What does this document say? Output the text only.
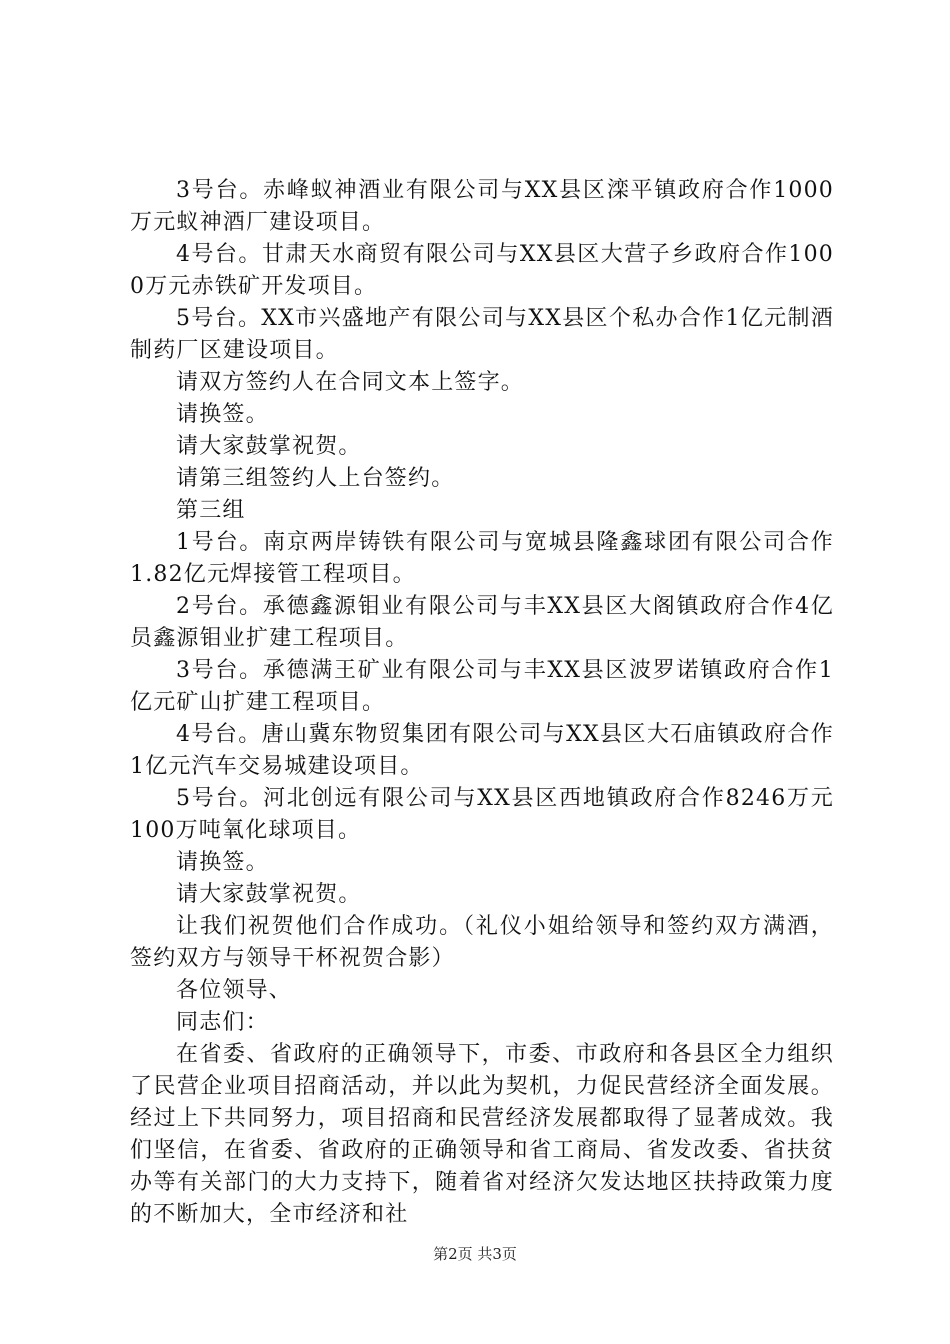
3号台。赤峰蚁神酒业有限公司与XX县区滦平镇政府合作1000万元蚁神酒厂建设项目。

4号台。甘肃天水商贸有限公司与XX县区大营子乡政府合作1000万元赤铁矿开发项目。

5号台。XX市兴盛地产有限公司与XX县区个私办合作1亿元制酒制药厂区建设项目。

请双方签约人在合同文本上签字。

请换签。

请大家鼓掌祝贺。

请第三组签约人上台签约。

第三组

1号台。南京两岸铸铁有限公司与宽城县隆鑫球团有限公司合作1.82亿元焊接管工程项目。

2号台。承德鑫源钼业有限公司与丰XX县区大阁镇政府合作4亿员鑫源钼业扩建工程项目。

3号台。承德满王矿业有限公司与丰XX县区波罗诺镇政府合作1亿元矿山扩建工程项目。

4号台。唐山冀东物贸集团有限公司与XX县区大石庙镇政府合作1亿元汽车交易城建设项目。

5号台。河北创远有限公司与XX县区西地镇政府合作8246万元100万吨氧化球项目。

请换签。

请大家鼓掌祝贺。

让我们祝贺他们合作成功。（礼仪小姐给领导和签约双方满酒，签约双方与领导干杯祝贺合影）

各位领导、

同志们：

在省委、省政府的正确领导下，市委、市政府和各县区全力组织了民营企业项目招商活动，并以此为契机，力促民营经济全面发展。经过上下共同努力，项目招商和民营经济发展都取得了显著成效。我们坚信，在省委、省政府的正确领导和省工商局、省发改委、省扶贫办等有关部门的大力支持下，随着省对经济欠发达地区扶持政策力度的不断加大，全市经济和社

第2页 共3页
